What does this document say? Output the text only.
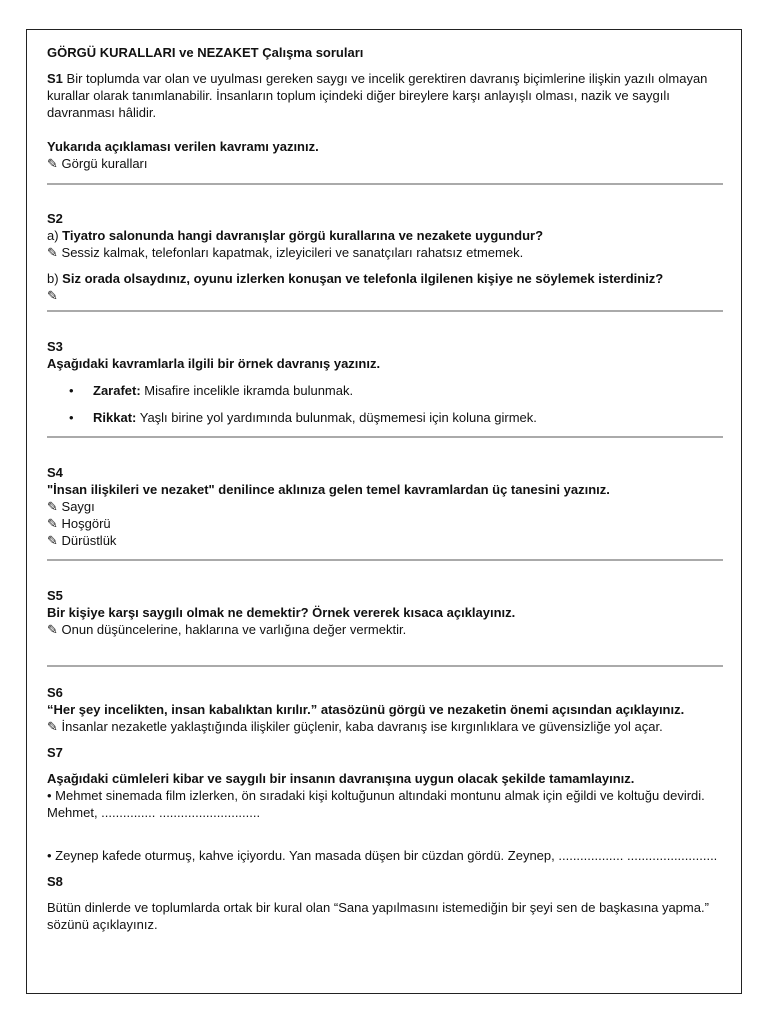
GÖRGÜ KURALLARI ve NEZAKET Çalışma soruları
S1 Bir toplumda var olan ve uyulması gereken saygı ve incelik gerektiren davranış biçimlerine ilişkin yazılı olmayan kurallar olarak tanımlanabilir. İnsanların toplum içindeki diğer bireylere karşı anlayışlı olması, nazik ve saygılı davranması hâlidir.
Yukarıda açıklaması verilen kavramı yazınız.
✎ Görgü kuralları
S2
a) Tiyatro salonunda hangi davranışlar görgü kurallarına ve nezakete uygundur?
✎ Sessiz kalmak, telefonları kapatmak, izleyicileri ve sanatçıları rahatsız etmemek.
b) Siz orada olsaydınız, oyunu izlerken konuşan ve telefonla ilgilenen kişiye ne söylemek isterdiniz?
✎
S3
Aşağıdaki kavramlarla ilgili bir örnek davranış yazınız.
• Zarafet: Misafire incelikle ikramda bulunmak.
• Rikkat: Yaşlı birine yol yardımında bulunmak, düşmemesi için koluna girmek.
S4
"İnsan ilişkileri ve nezaket" denilince aklınıza gelen temel kavramlardan üç tanesini yazınız.
✎ Saygı
✎ Hoşgörü
✎ Dürüstlük
S5
Bir kişiye karşı saygılı olmak ne demektir? Örnek vererek kısaca açıklayınız.
✎ Onun düşüncelerine, haklarına ve varlığına değer vermektir.
S6
“Her şey incelikten, insan kabalıktan kırılır.” atasözünü görgü ve nezaketin önemi açısından açıklayınız.
✎ İnsanlar nezaketle yaklaştığında ilişkiler güçlenir, kaba davranış ise kırgınlıklara ve güvensizliğe yol açar.
S7
Aşağıdaki cümleleri kibar ve saygılı bir insanın davranışına uygun olacak şekilde tamamlayınız.
• Mehmet sinemada film izlerken, ön sıradaki kişi koltuğunun altındaki montunu almak için eğildi ve koltuğu devirdi.
Mehmet, ............... ............................
• Zeynep kafede oturmuş, kahve içiyordu. Yan masada düşen bir cüzdan gördü. Zeynep, .................. .........................
S8
Bütün dinlerde ve toplumlarda ortak bir kural olan “Sana yapılmasını istemediğin bir şeyi sen de başkasına yapma.” sözünü açıklayınız.
